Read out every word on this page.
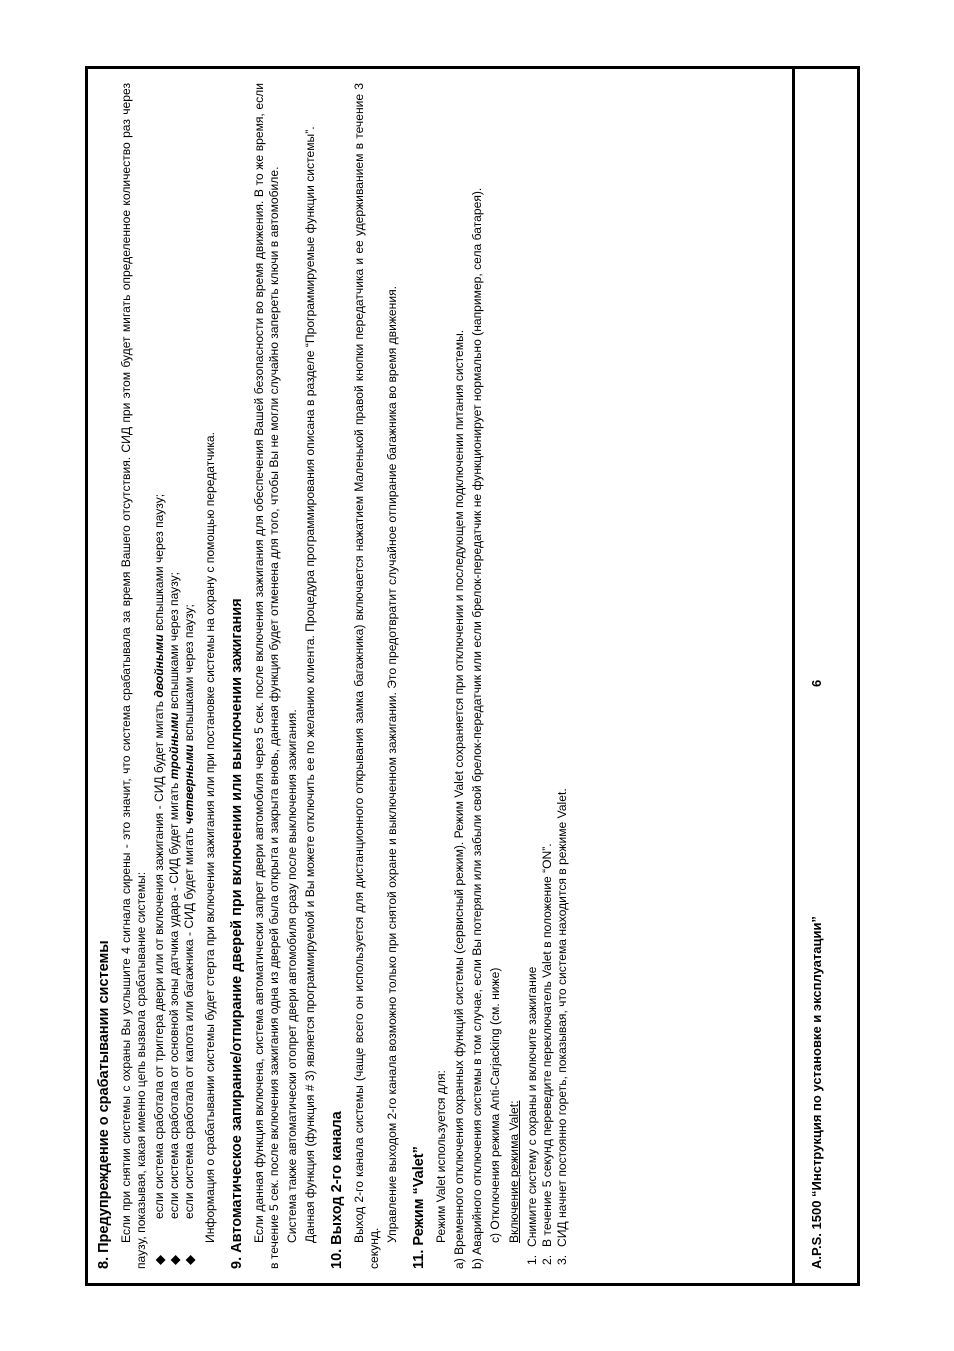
8. Предупреждение о срабатывании системы Если при снятии системы с охраны Вы услышите 4 сигнала сирены - это значит, что система срабатывала за время Вашего отсутствия. СИД при этом будет мигать определенное количество раз через паузу, показывая, какая именно цепь вызвала срабатывание системы: ◆
если система сработала от триггера двери или от включения зажигания - СИД будет мигать двойными вспышками через паузу;
◆
если система сработала от основной зоны датчика удара - СИД будет мигать тройными вспышками через паузу;
◆
если система сработала от капота или багажника - СИД будет мигать четверными вспышками через паузу; Информация о срабатывании системы будет стерта при включении зажигания или при постановке системы на охрану с помощью передатчика. 9. Автоматическое запирание/отпирание дверей при включении или выключении зажигания Если данная функция включена, система автоматически запрет двери автомобиля через 5 сек. после включения зажигания для обеспечения Вашей безопасности во время движения. В то же время, если в течение 5 сек. после включения зажигания одна из дверей была открыта и закрыта вновь, данная функция будет отменена для того, чтобы Вы не могли случайно запереть ключи в автомобиле. Система также автоматически отопрет двери автомобиля сразу после выключения зажигания. Данная функция (функция # 3) является программируемой и Вы можете отключить ее по желанию клиента. Процедура программирования описана в разделе “Программируемые функции системы”. 10. Выход 2-го канала Выход 2-го канала системы (чаще всего он используется для дистанционного открывания замка багажника) включается нажатием Маленькой правой кнопки передатчика и ее удерживанием в течение 3 секунд.

Управление выходом 2-го канала возможно только при снятой охране и выключенном зажигании. Это предотвратит случайное отпирание багажника во время движения. 11. Режим “Valet” Режим Valet используется для: a) Временного отключения охранных функций системы (сервисный режим). Режим Valet сохраняется при отключении и последующем подключении питания системы. b) Аварийного отключения системы в том случае, если Вы потеряли или забыли свой брелок-передатчик или если брелок-передатчик не функционирует нормально (например, села батарея). c) Отключения режима Anti-Carjacking (см. ниже) Включение режима Valet:

1.
Снимите систему с охраны и включите зажигание
2.
В течение 5 секунд переведите переключатель Valet в положение “ON”.
3.
СИД начнет постоянно гореть, показывая, что система находится в режиме Valet.	A.P.S. 1500 “Инструкция по установке и эксплуатации”
6
